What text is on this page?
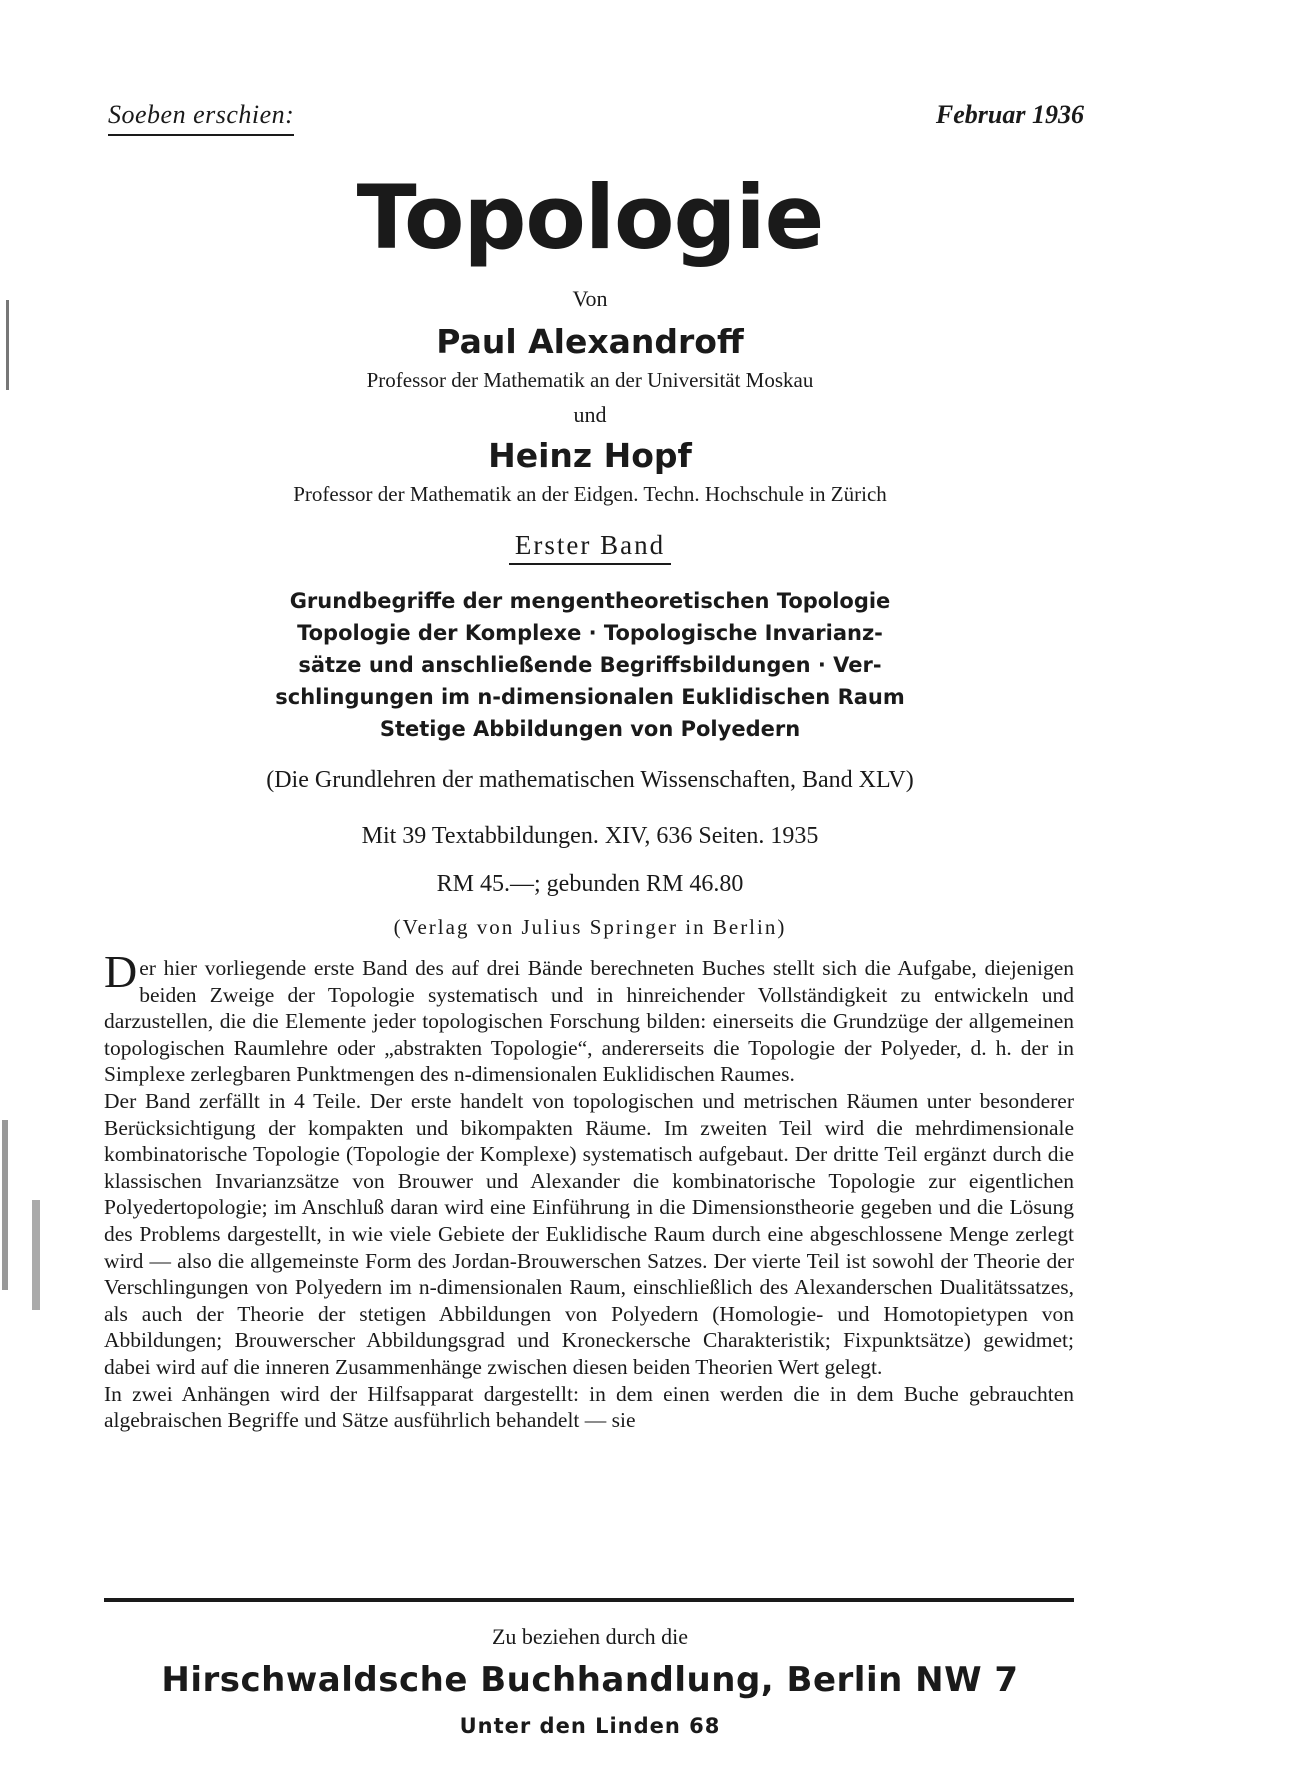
Soeben erschien:	Februar 1936
Topologie
Von
Paul Alexandroff
Professor der Mathematik an der Universität Moskau
und
Heinz Hopf
Professor der Mathematik an der Eidgen. Techn. Hochschule in Zürich
Erster Band
Grundbegriffe der mengentheoretischen Topologie
Topologie der Komplexe · Topologische Invarianz-
sätze und anschließende Begriffsbildungen · Ver-
schlingungen im n-dimensionalen Euklidischen Raum
Stetige Abbildungen von Polyedern
(Die Grundlehren der mathematischen Wissenschaften, Band XLV)
Mit 39 Textabbildungen. XIV, 636 Seiten. 1935
RM 45.—; gebunden RM 46.80
(Verlag von Julius Springer in Berlin)

Der hier vorliegende erste Band des auf drei Bände berechneten Buches stellt sich die Aufgabe, diejenigen beiden Zweige der Topologie systematisch und in hinreichender Vollständigkeit zu entwickeln und darzustellen, die die Elemente jeder topologischen Forschung bilden: einerseits die Grundzüge der allgemeinen topologischen Raumlehre oder „abstrakten Topologie“, andererseits die Topologie der Polyeder, d. h. der in Simplexe zerlegbaren Punktmengen des n-dimensionalen Euklidischen Raumes.

Der Band zerfällt in 4 Teile. Der erste handelt von topologischen und metrischen Räumen unter besonderer Berücksichtigung der kompakten und bikompakten Räume. Im zweiten Teil wird die mehrdimensionale kombinatorische Topologie (Topologie der Komplexe) systematisch aufgebaut. Der dritte Teil ergänzt durch die klassischen Invarianzsätze von Brouwer und Alexander die kombinatorische Topologie zur eigentlichen Polyedertopologie; im Anschluß daran wird eine Einführung in die Dimensionstheorie gegeben und die Lösung des Problems dargestellt, in wie viele Gebiete der Euklidische Raum durch eine abgeschlossene Menge zerlegt wird — also die allgemeinste Form des Jordan-Brouwerschen Satzes. Der vierte Teil ist sowohl der Theorie der Verschlingungen von Polyedern im n-dimensionalen Raum, einschließlich des Alexanderschen Dualitätssatzes, als auch der Theorie der stetigen Abbildungen von Polyedern (Homologie- und Homotopietypen von Abbildungen; Brouwerscher Abbildungsgrad und Kroneckersche Charakteristik; Fixpunktsätze) gewidmet; dabei wird auf die inneren Zusammenhänge zwischen diesen beiden Theorien Wert gelegt.

In zwei Anhängen wird der Hilfsapparat dargestellt: in dem einen werden die in dem Buche gebrauchten algebraischen Begriffe und Sätze ausführlich behandelt — sie

Zu beziehen durch die
Hirschwaldsche Buchhandlung, Berlin NW 7
Unter den Linden 68
